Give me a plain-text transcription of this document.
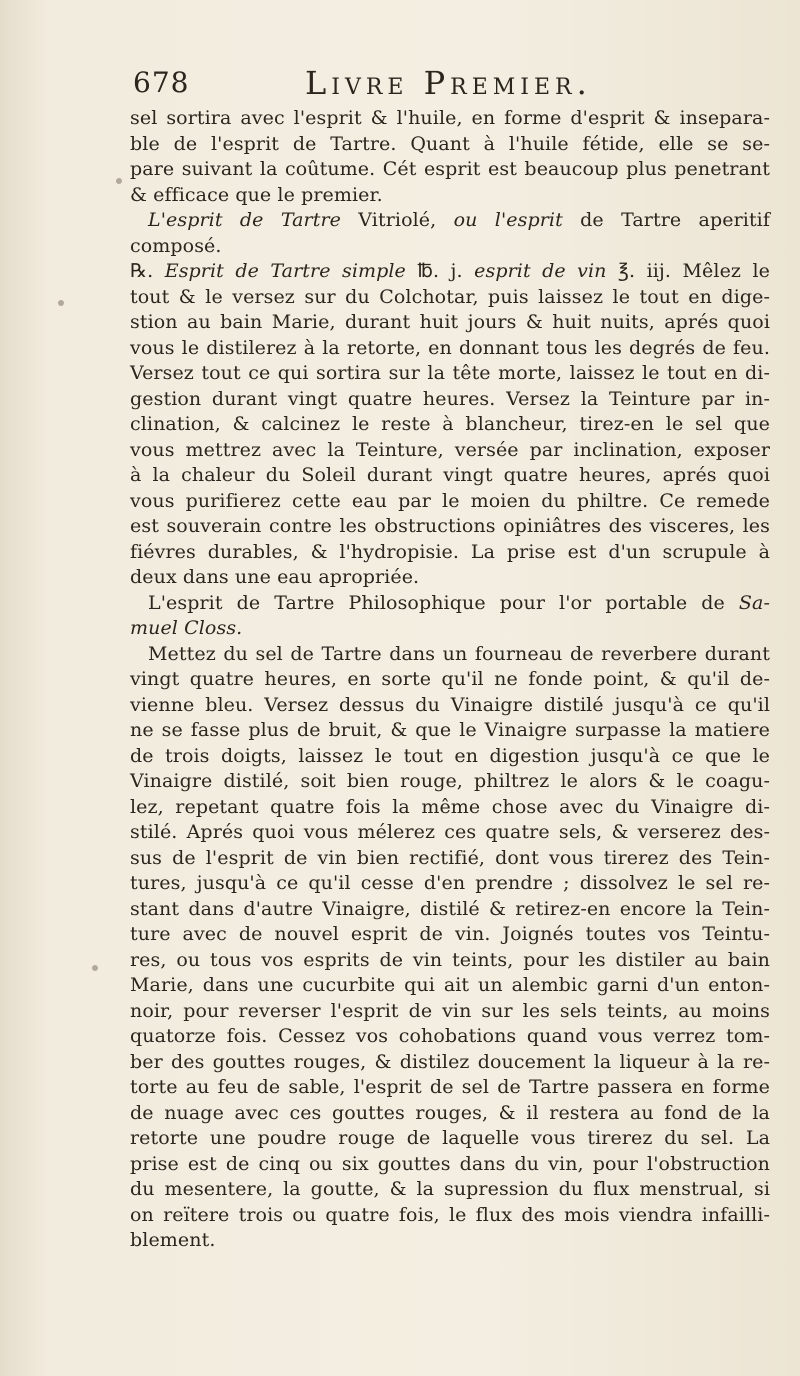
678	Livre Premier.
sel sortira avec l'esprit & l'huile, en forme d'esprit & insepara-
ble de l'esprit de Tartre. Quant à l'huile fétide, elle se se-
pare suivant la coûtume. Cét esprit est beaucoup plus penetrant
& efficace que le premier.
L'esprit de Tartre Vitriolé, ou l'esprit de Tartre aperitif
composé.
℞. Esprit de Tartre simple ℔. j. esprit de vin ℥. iij. Mêlez le
tout & le versez sur du Colchotar, puis laissez le tout en dige-
stion au bain Marie, durant huit jours & huit nuits, aprés quoi
vous le distilerez à la retorte, en donnant tous les degrés de feu.
Versez tout ce qui sortira sur la tête morte, laissez le tout en di-
gestion durant vingt quatre heures. Versez la Teinture par in-
clination, & calcinez le reste à blancheur, tirez-en le sel que
vous mettrez avec la Teinture, versée par inclination, exposer
à la chaleur du Soleil durant vingt quatre heures, aprés quoi
vous purifierez cette eau par le moien du philtre. Ce remede
est souverain contre les obstructions opiniâtres des visceres, les
fiévres durables, & l'hydropisie. La prise est d'un scrupule à
deux dans une eau apropriée.
L'esprit de Tartre Philosophique pour l'or portable de Sa-
muel Closs.
Mettez du sel de Tartre dans un fourneau de reverbere durant
vingt quatre heures, en sorte qu'il ne fonde point, & qu'il de-
vienne bleu. Versez dessus du Vinaigre distilé jusqu'à ce qu'il
ne se fasse plus de bruit, & que le Vinaigre surpasse la matiere
de trois doigts, laissez le tout en digestion jusqu'à ce que le
Vinaigre distilé, soit bien rouge, philtrez le alors & le coagu-
lez, repetant quatre fois la même chose avec du Vinaigre di-
stilé. Aprés quoi vous mélerez ces quatre sels, & verserez des-
sus de l'esprit de vin bien rectifié, dont vous tirerez des Tein-
tures, jusqu'à ce qu'il cesse d'en prendre ; dissolvez le sel re-
stant dans d'autre Vinaigre, distilé & retirez-en encore la Tein-
ture avec de nouvel esprit de vin. Joignés toutes vos Teintu-
res, ou tous vos esprits de vin teints, pour les distiler au bain
Marie, dans une cucurbite qui ait un alembic garni d'un enton-
noir, pour reverser l'esprit de vin sur les sels teints, au moins
quatorze fois. Cessez vos cohobations quand vous verrez tom-
ber des gouttes rouges, & distilez doucement la liqueur à la re-
torte au feu de sable, l'esprit de sel de Tartre passera en forme
de nuage avec ces gouttes rouges, & il restera au fond de la
retorte une poudre rouge de laquelle vous tirerez du sel. La
prise est de cinq ou six gouttes dans du vin, pour l'obstruction
du mesentere, la goutte, & la supression du flux menstrual, si
on reïtere trois ou quatre fois, le flux des mois viendra infailli-
blement.
